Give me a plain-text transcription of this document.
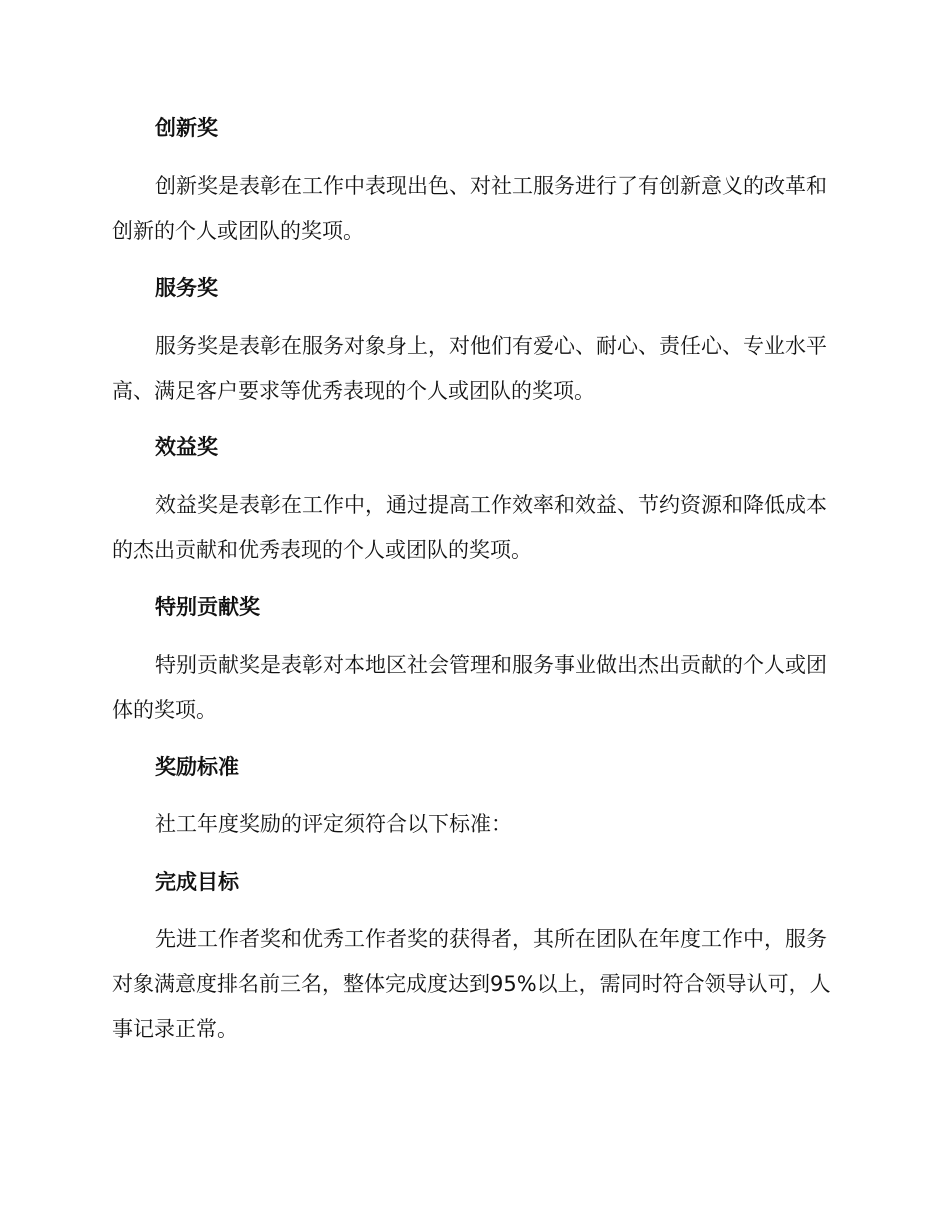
创新奖

创新奖是表彰在工作中表现出色、对社工服务进行了有创新意义的改革和创新的个人或团队的奖项。

服务奖

服务奖是表彰在服务对象身上，对他们有爱心、耐心、责任心、专业水平高、满足客户要求等优秀表现的个人或团队的奖项。

效益奖

效益奖是表彰在工作中，通过提高工作效率和效益、节约资源和降低成本的杰出贡献和优秀表现的个人或团队的奖项。

特别贡献奖

特别贡献奖是表彰对本地区社会管理和服务事业做出杰出贡献的个人或团体的奖项。

奖励标准

社工年度奖励的评定须符合以下标准：

完成目标

先进工作者奖和优秀工作者奖的获得者，其所在团队在年度工作中，服务对象满意度排名前三名，整体完成度达到95%以上，需同时符合领导认可，人事记录正常。
